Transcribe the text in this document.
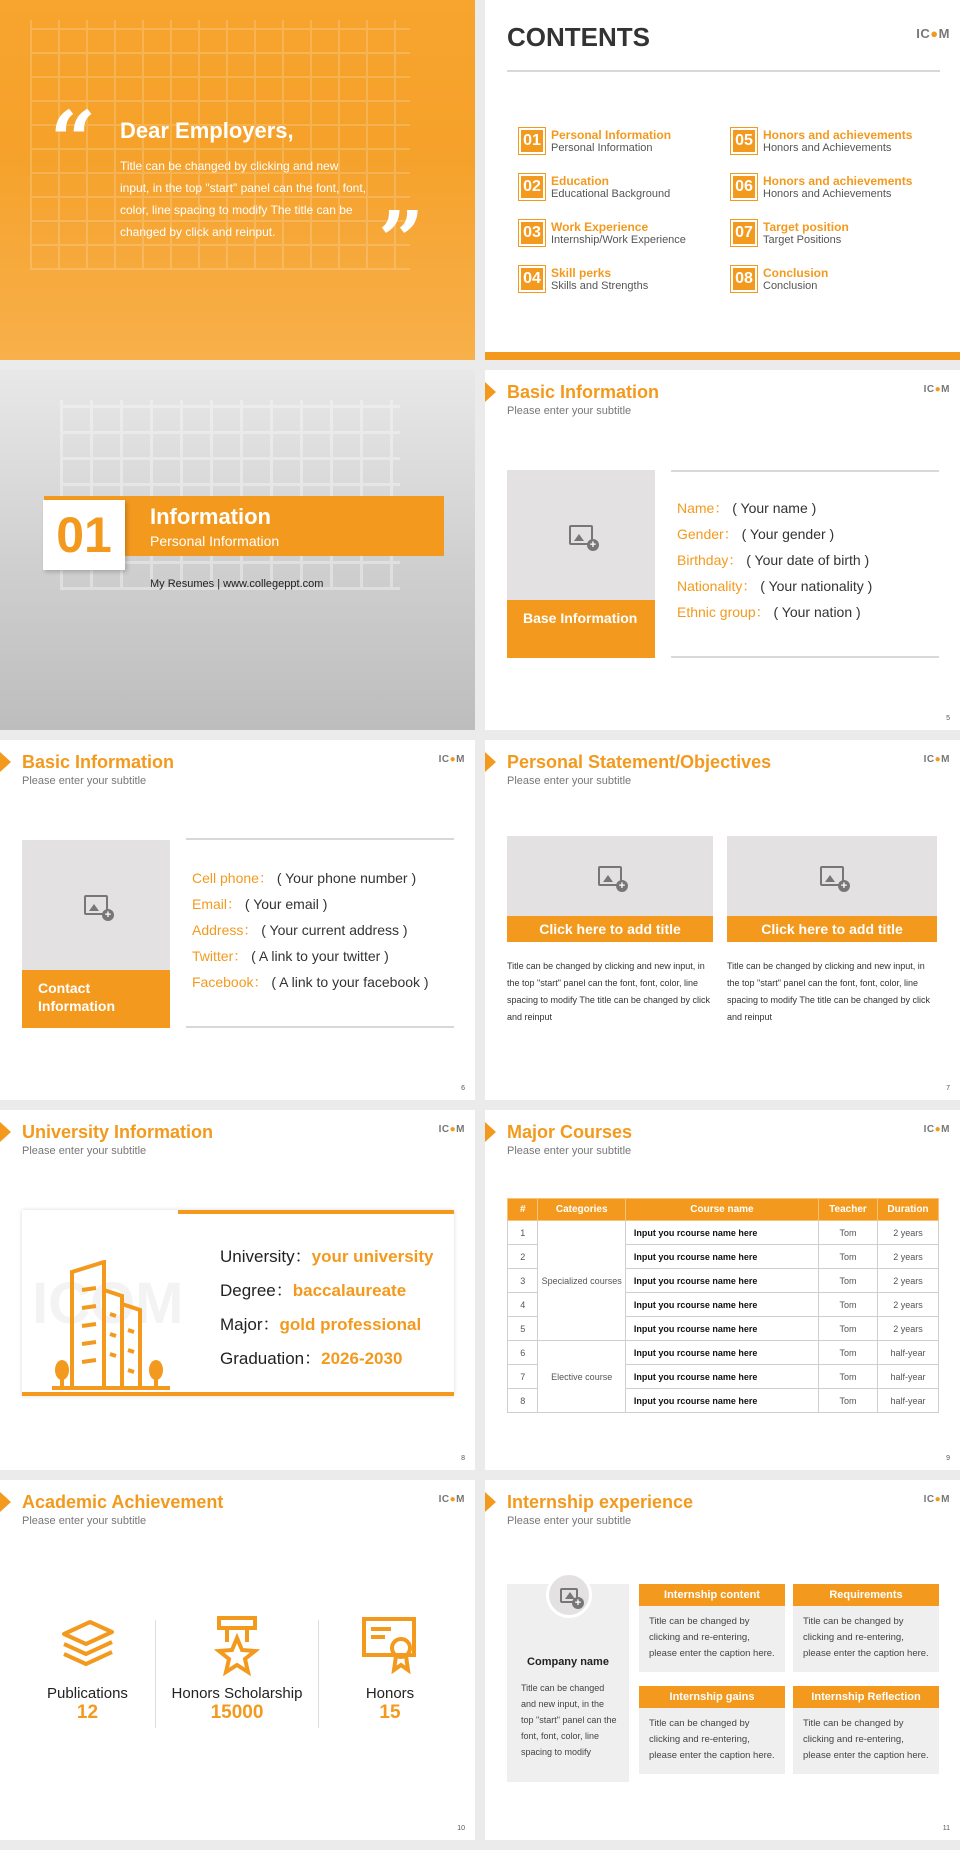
“ Dear Employers,
Title can be changed by clicking and new input, in the top "start" panel can the font, font, color, line spacing to modify The title can be changed by click and reinput.	”
CONTENTS	IC●M
01 Personal Information
Personal Information
02 Education
Educational Background
03 Work Experience
Internship/Work Experience
04 Skill perks
Skills and Strengths
05 Honors and achievements
Honors and Achievements
06 Honors and achievements
Honors and Achievements
07 Target position
Target Positions
08 Conclusion
Conclusion
01	Information
Personal Information
My Resumes | www.collegeppt.com
Basic Information
Please enter your subtitle
IC●M
+
Base Information
Name： ( Your name )
Gender： ( Your gender )
Birthday： ( Your date of birth )
Nationality： ( Your nationality )
Ethnic group： ( Your nation )
5
Basic Information
Please enter your subtitle
IC●M
+
Contact Information
Cell phone： ( Your phone number )
Email： ( Your email )
Address： ( Your current address )
Twitter： ( A link to your twitter )
Facebook： ( A link to your facebook )
6
Personal Statement/Objectives
Please enter your subtitle
IC●M
+
Click here to add title
Title can be changed by clicking and new input, in the top "start" panel can the font, font, color, line spacing to modify The title can be changed by click and reinput
+
Click here to add title
Title can be changed by clicking and new input, in the top "start" panel can the font, font, color, line spacing to modify The title can be changed by click and reinput
7
University Information
Please enter your subtitle
IC●M
ICOM
University：your university
Degree：baccalaureate
Major：gold professional
Graduation：2026-2030
8
Major Courses
Please enter your subtitle
IC●M
#	Categories	Course name	Teacher	Duration
1	Specialized courses	Input you rcourse name here	Tom	2 years
2		Input you rcourse name here	Tom	2 years
3		Input you rcourse name here	Tom	2 years
4		Input you rcourse name here	Tom	2 years
5		Input you rcourse name here	Tom	2 years
6	Elective course	Input you rcourse name here	Tom	half-year
7		Input you rcourse name here	Tom	half-year
8		Input you rcourse name here	Tom	half-year
9
Academic Achievement
Please enter your subtitle
IC●M
Publications
12
Honors Scholarship
15000
Honors
15
10
Internship experience
Please enter your subtitle
IC●M
+
Company name
Title can be changed and new input, in the top "start" panel can the font, font, color, line spacing to modify
Internship content
Title can be changed by clicking and re-entering, please enter the caption here.
Requirements
Title can be changed by clicking and re-entering, please enter the caption here.
Internship gains
Title can be changed by clicking and re-entering, please enter the caption here.
Internship Reflection
Title can be changed by clicking and re-entering, please enter the caption here.
11
